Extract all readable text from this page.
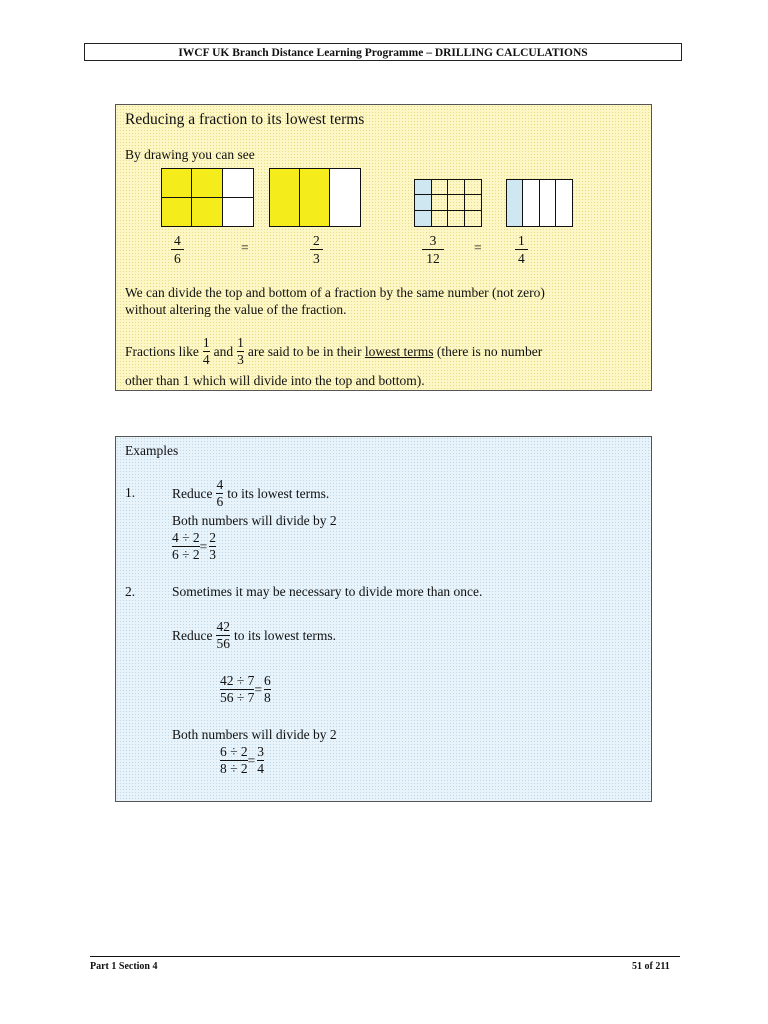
IWCF UK Branch Distance Learning Programme – DRILLING CALCULATIONS
Reducing a fraction to its lowest terms
By drawing you can see
4
6
=	2
3
3
12
=	1
4
We can divide the top and bottom of a fraction by the same number (not zero)
without altering the value of the fraction.
Fractions like $\frac{1}{4}$ and $\frac{1}{3}$ are said to be in their
lowest terms
(there is no number
other than 1 which will divide into the top and bottom).
Examples
1.	Reduce $\frac{4}{6}$ to its lowest terms.
Both numbers will divide by 2
$\frac{4 \div 2}{6 \div 2} = \frac{2}{3}$
2.	Sometimes it may be necessary to divide more than once.
Reduce $\frac{42}{56}$ to its lowest terms.
$\frac{42 \div 7}{56 \div 7} = \frac{6}{8}$
Both numbers will divide by 2
$\frac{6 \div 2}{8 \div 2} = \frac{3}{4}$
Part 1 Section 4	51 of 211
